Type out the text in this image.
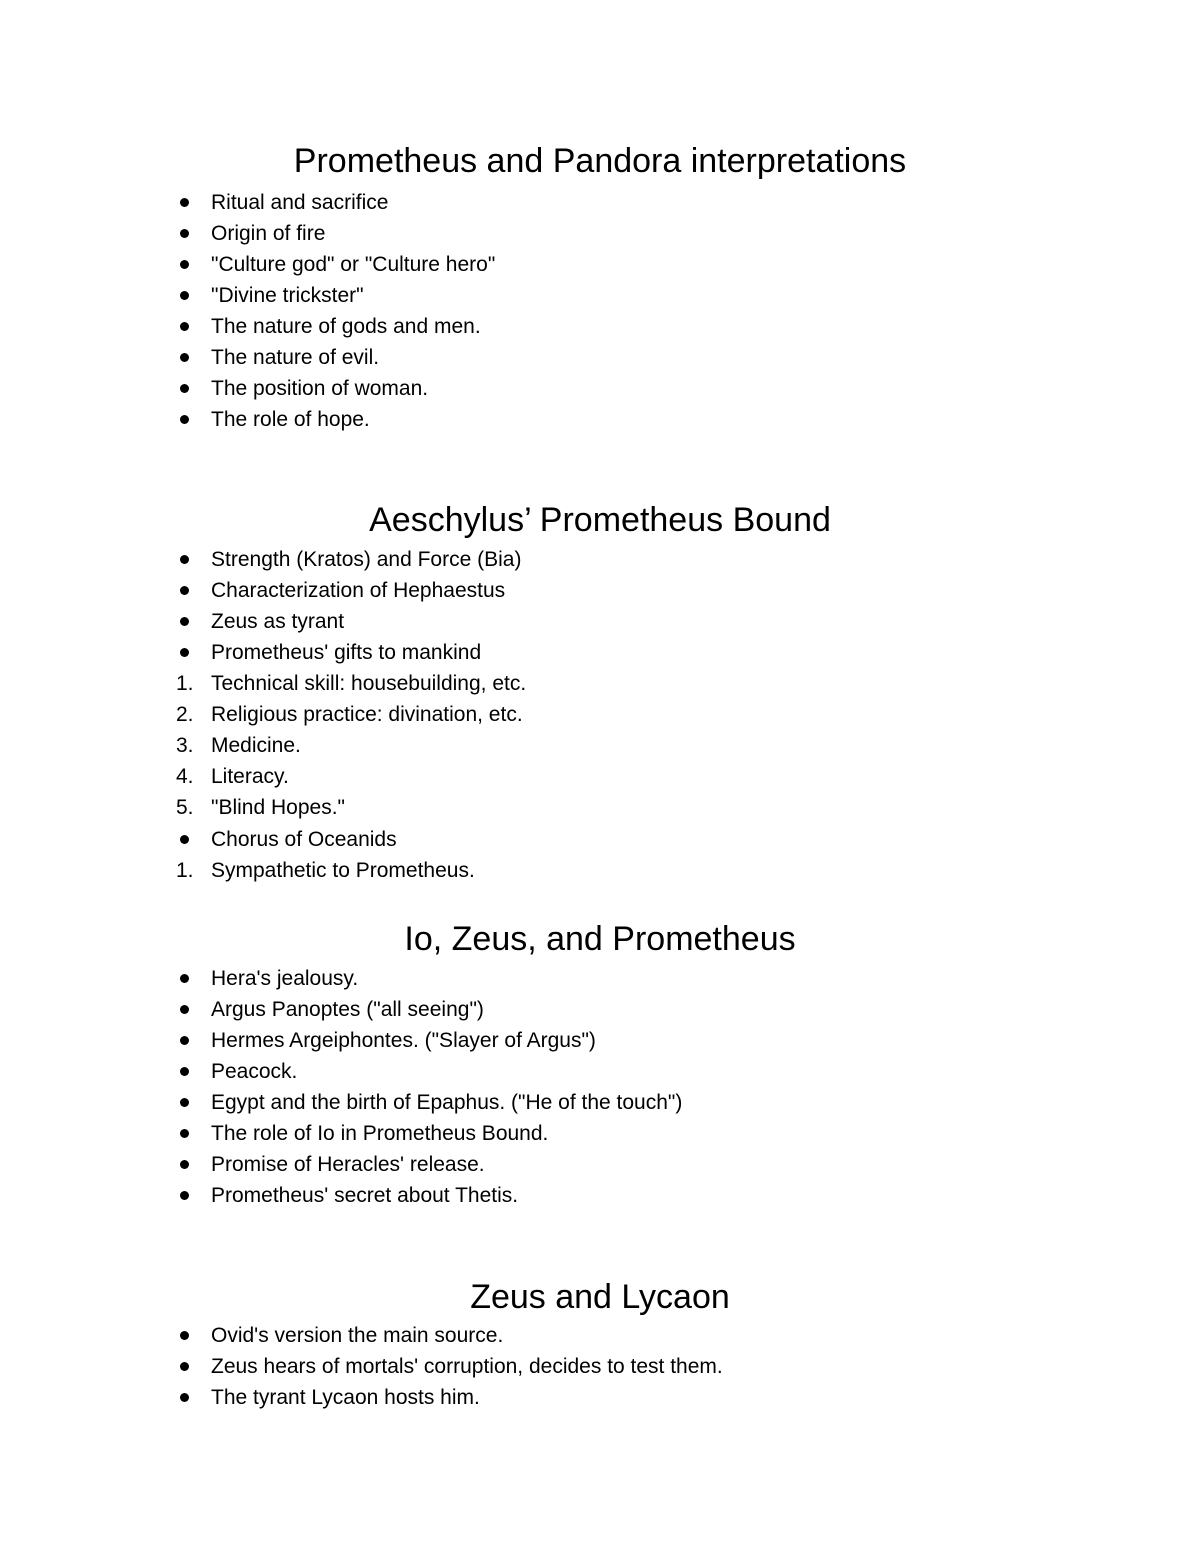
Prometheus and Pandora interpretations
Ritual and sacrifice
Origin of fire
"Culture god" or "Culture hero"
"Divine trickster"
The nature of gods and men.
The nature of evil.
The position of woman.
The role of hope.
Aeschylus’ Prometheus Bound
Strength (Kratos) and Force (Bia)
Characterization of Hephaestus
Zeus as tyrant
Prometheus' gifts to mankind
1. Technical skill: housebuilding, etc.
2. Religious practice: divination, etc.
3. Medicine.
4. Literacy.
5. "Blind Hopes."
Chorus of Oceanids
1. Sympathetic to Prometheus.
Io, Zeus, and Prometheus
Hera's jealousy.
Argus Panoptes ("all seeing")
Hermes Argeiphontes. ("Slayer of Argus")
Peacock.
Egypt and the birth of Epaphus. ("He of the touch")
The role of Io in Prometheus Bound.
Promise of Heracles' release.
Prometheus' secret about Thetis.
Zeus and Lycaon
Ovid's version the main source.
Zeus hears of mortals' corruption, decides to test them.
The tyrant Lycaon hosts him.
